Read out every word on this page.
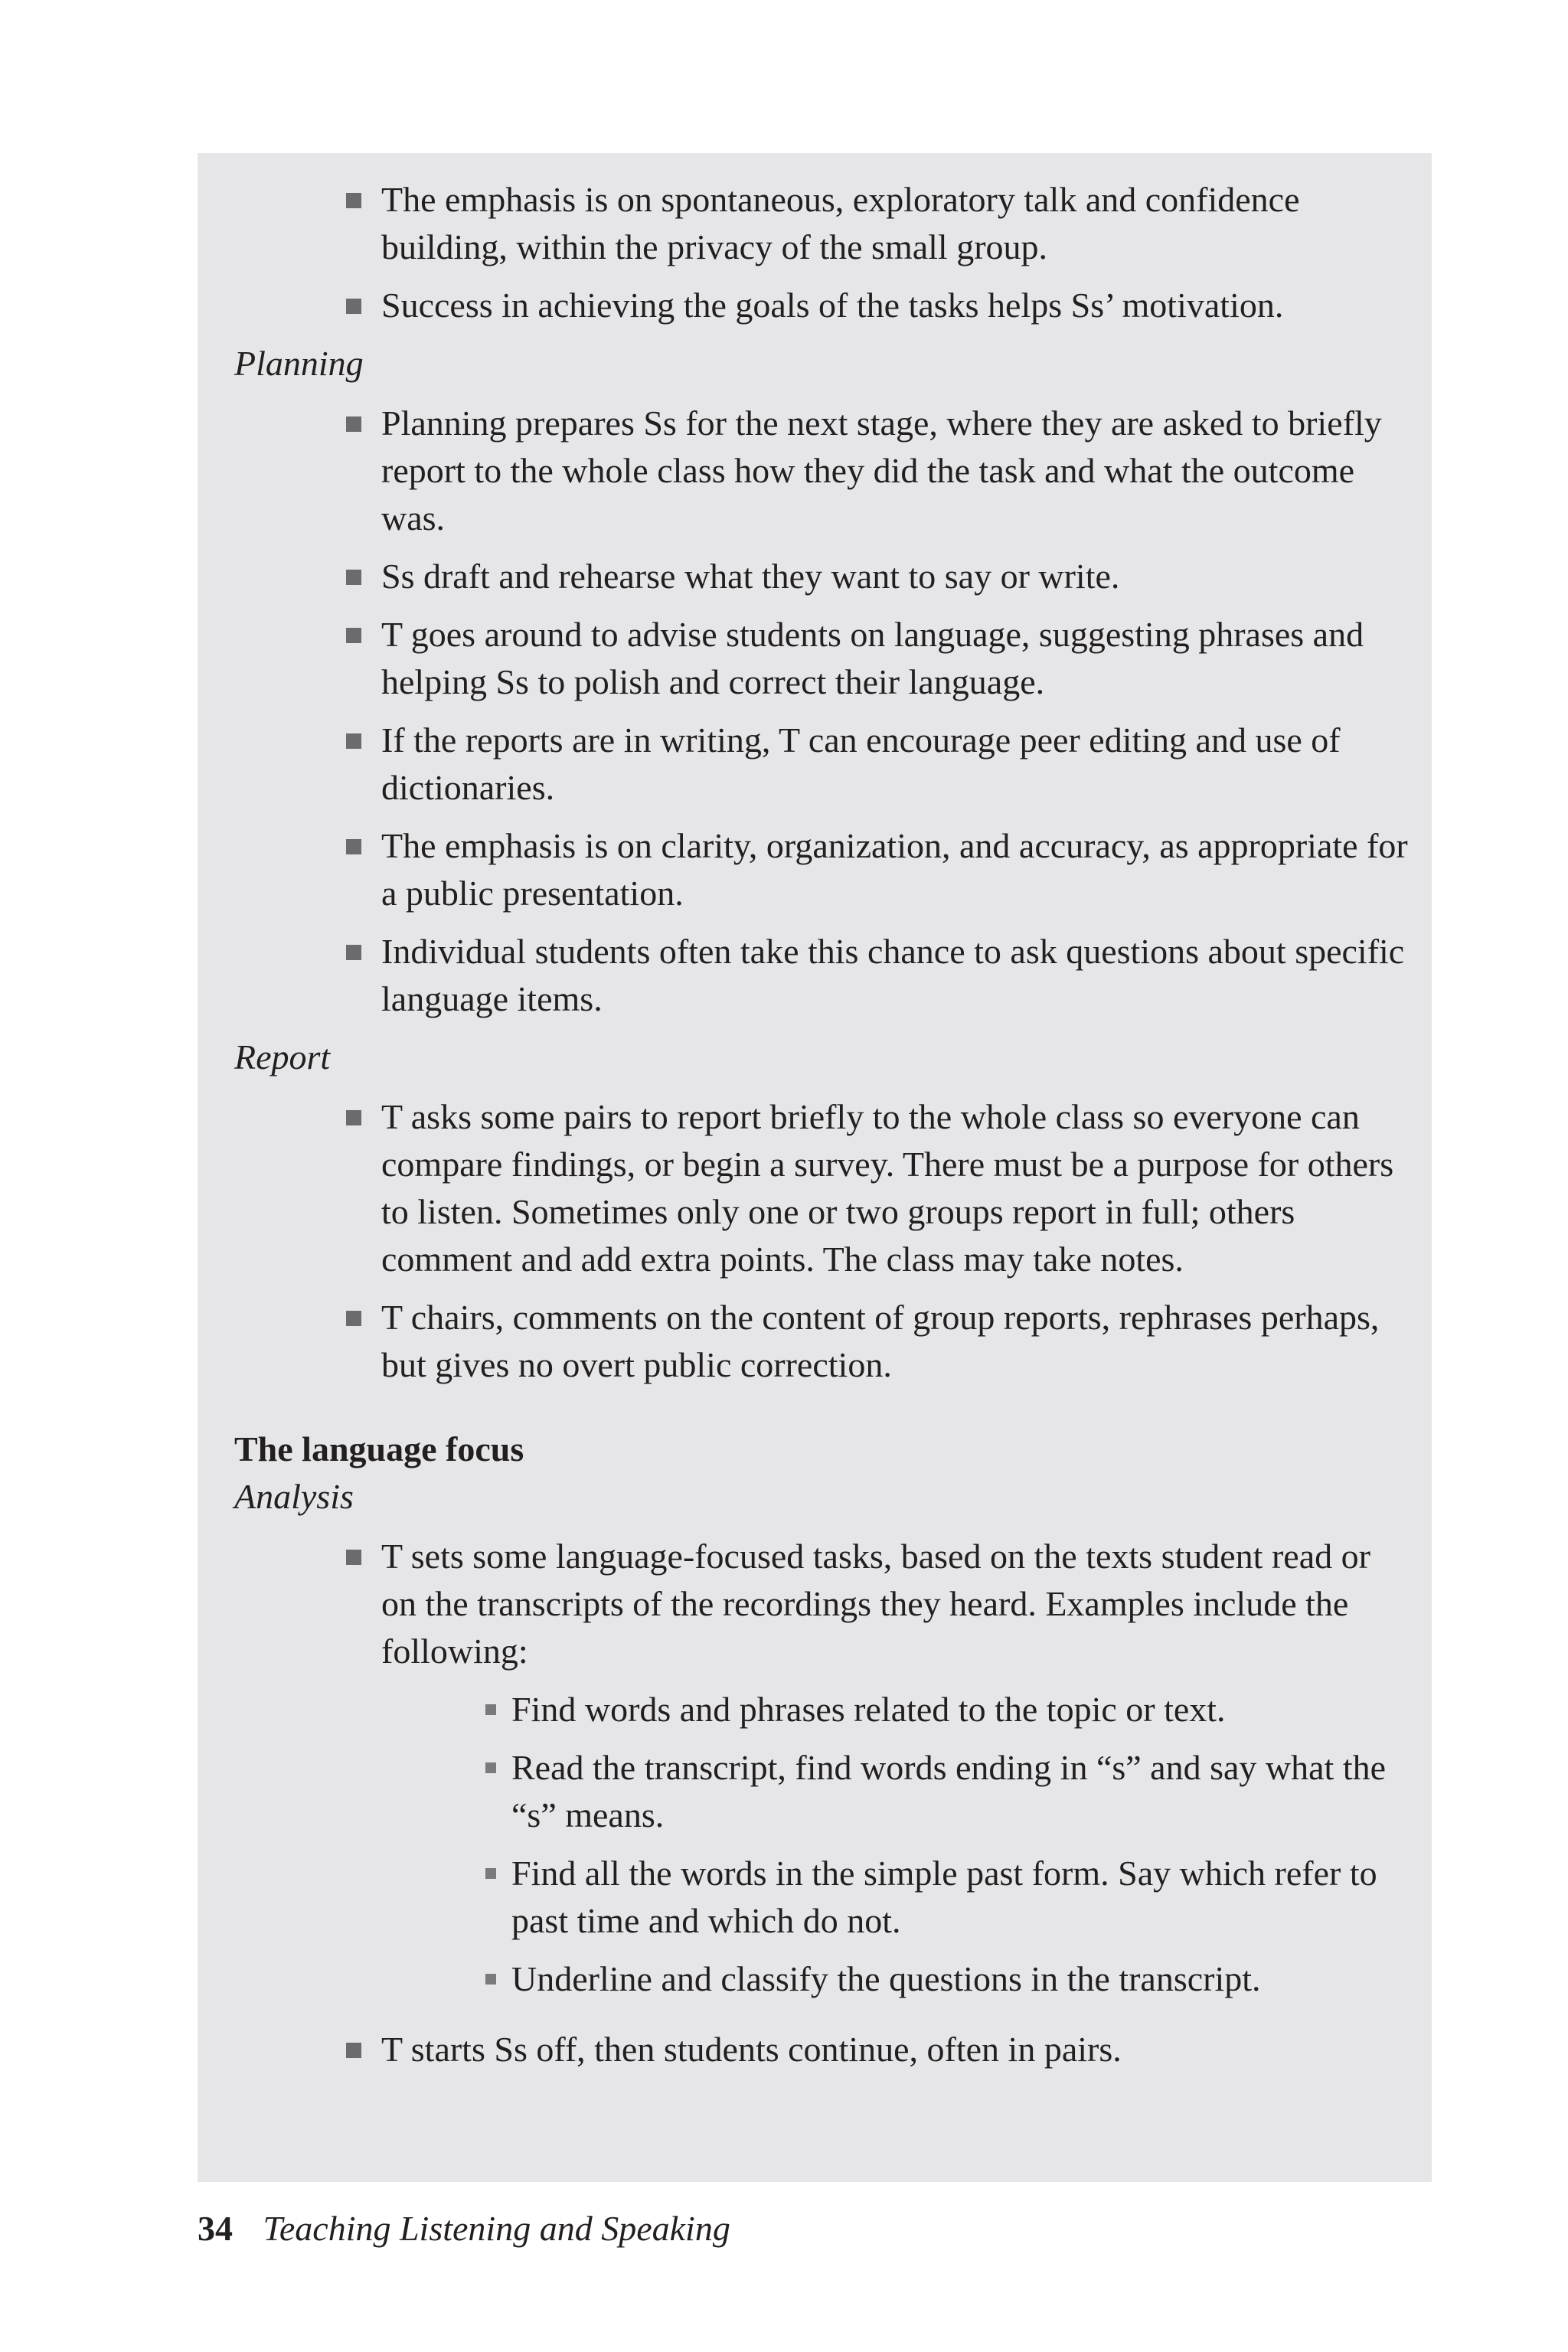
The emphasis is on spontaneous, exploratory talk and confidence building, within the privacy of the small group.
Success in achieving the goals of the tasks helps Ss’ motivation.
Planning
Planning prepares Ss for the next stage, where they are asked to briefly report to the whole class how they did the task and what the outcome was.
Ss draft and rehearse what they want to say or write.
T goes around to advise students on language, suggesting phrases and helping Ss to polish and correct their language.
If the reports are in writing, T can encourage peer editing and use of dictionaries.
The emphasis is on clarity, organization, and accuracy, as appropriate for a public presentation.
Individual students often take this chance to ask questions about specific language items.
Report
T asks some pairs to report briefly to the whole class so everyone can compare findings, or begin a survey. There must be a purpose for others to listen. Sometimes only one or two groups report in full; others comment and add extra points. The class may take notes.
T chairs, comments on the content of group reports, rephrases perhaps, but gives no overt public correction.
The language focus
Analysis
T sets some language-focused tasks, based on the texts student read or on the transcripts of the recordings they heard. Examples include the following:
Find words and phrases related to the topic or text.
Read the transcript, find words ending in “s” and say what the “s” means.
Find all the words in the simple past form. Say which refer to past time and which do not.
Underline and classify the questions in the transcript.
T starts Ss off, then students continue, often in pairs.
34 Teaching Listening and Speaking
